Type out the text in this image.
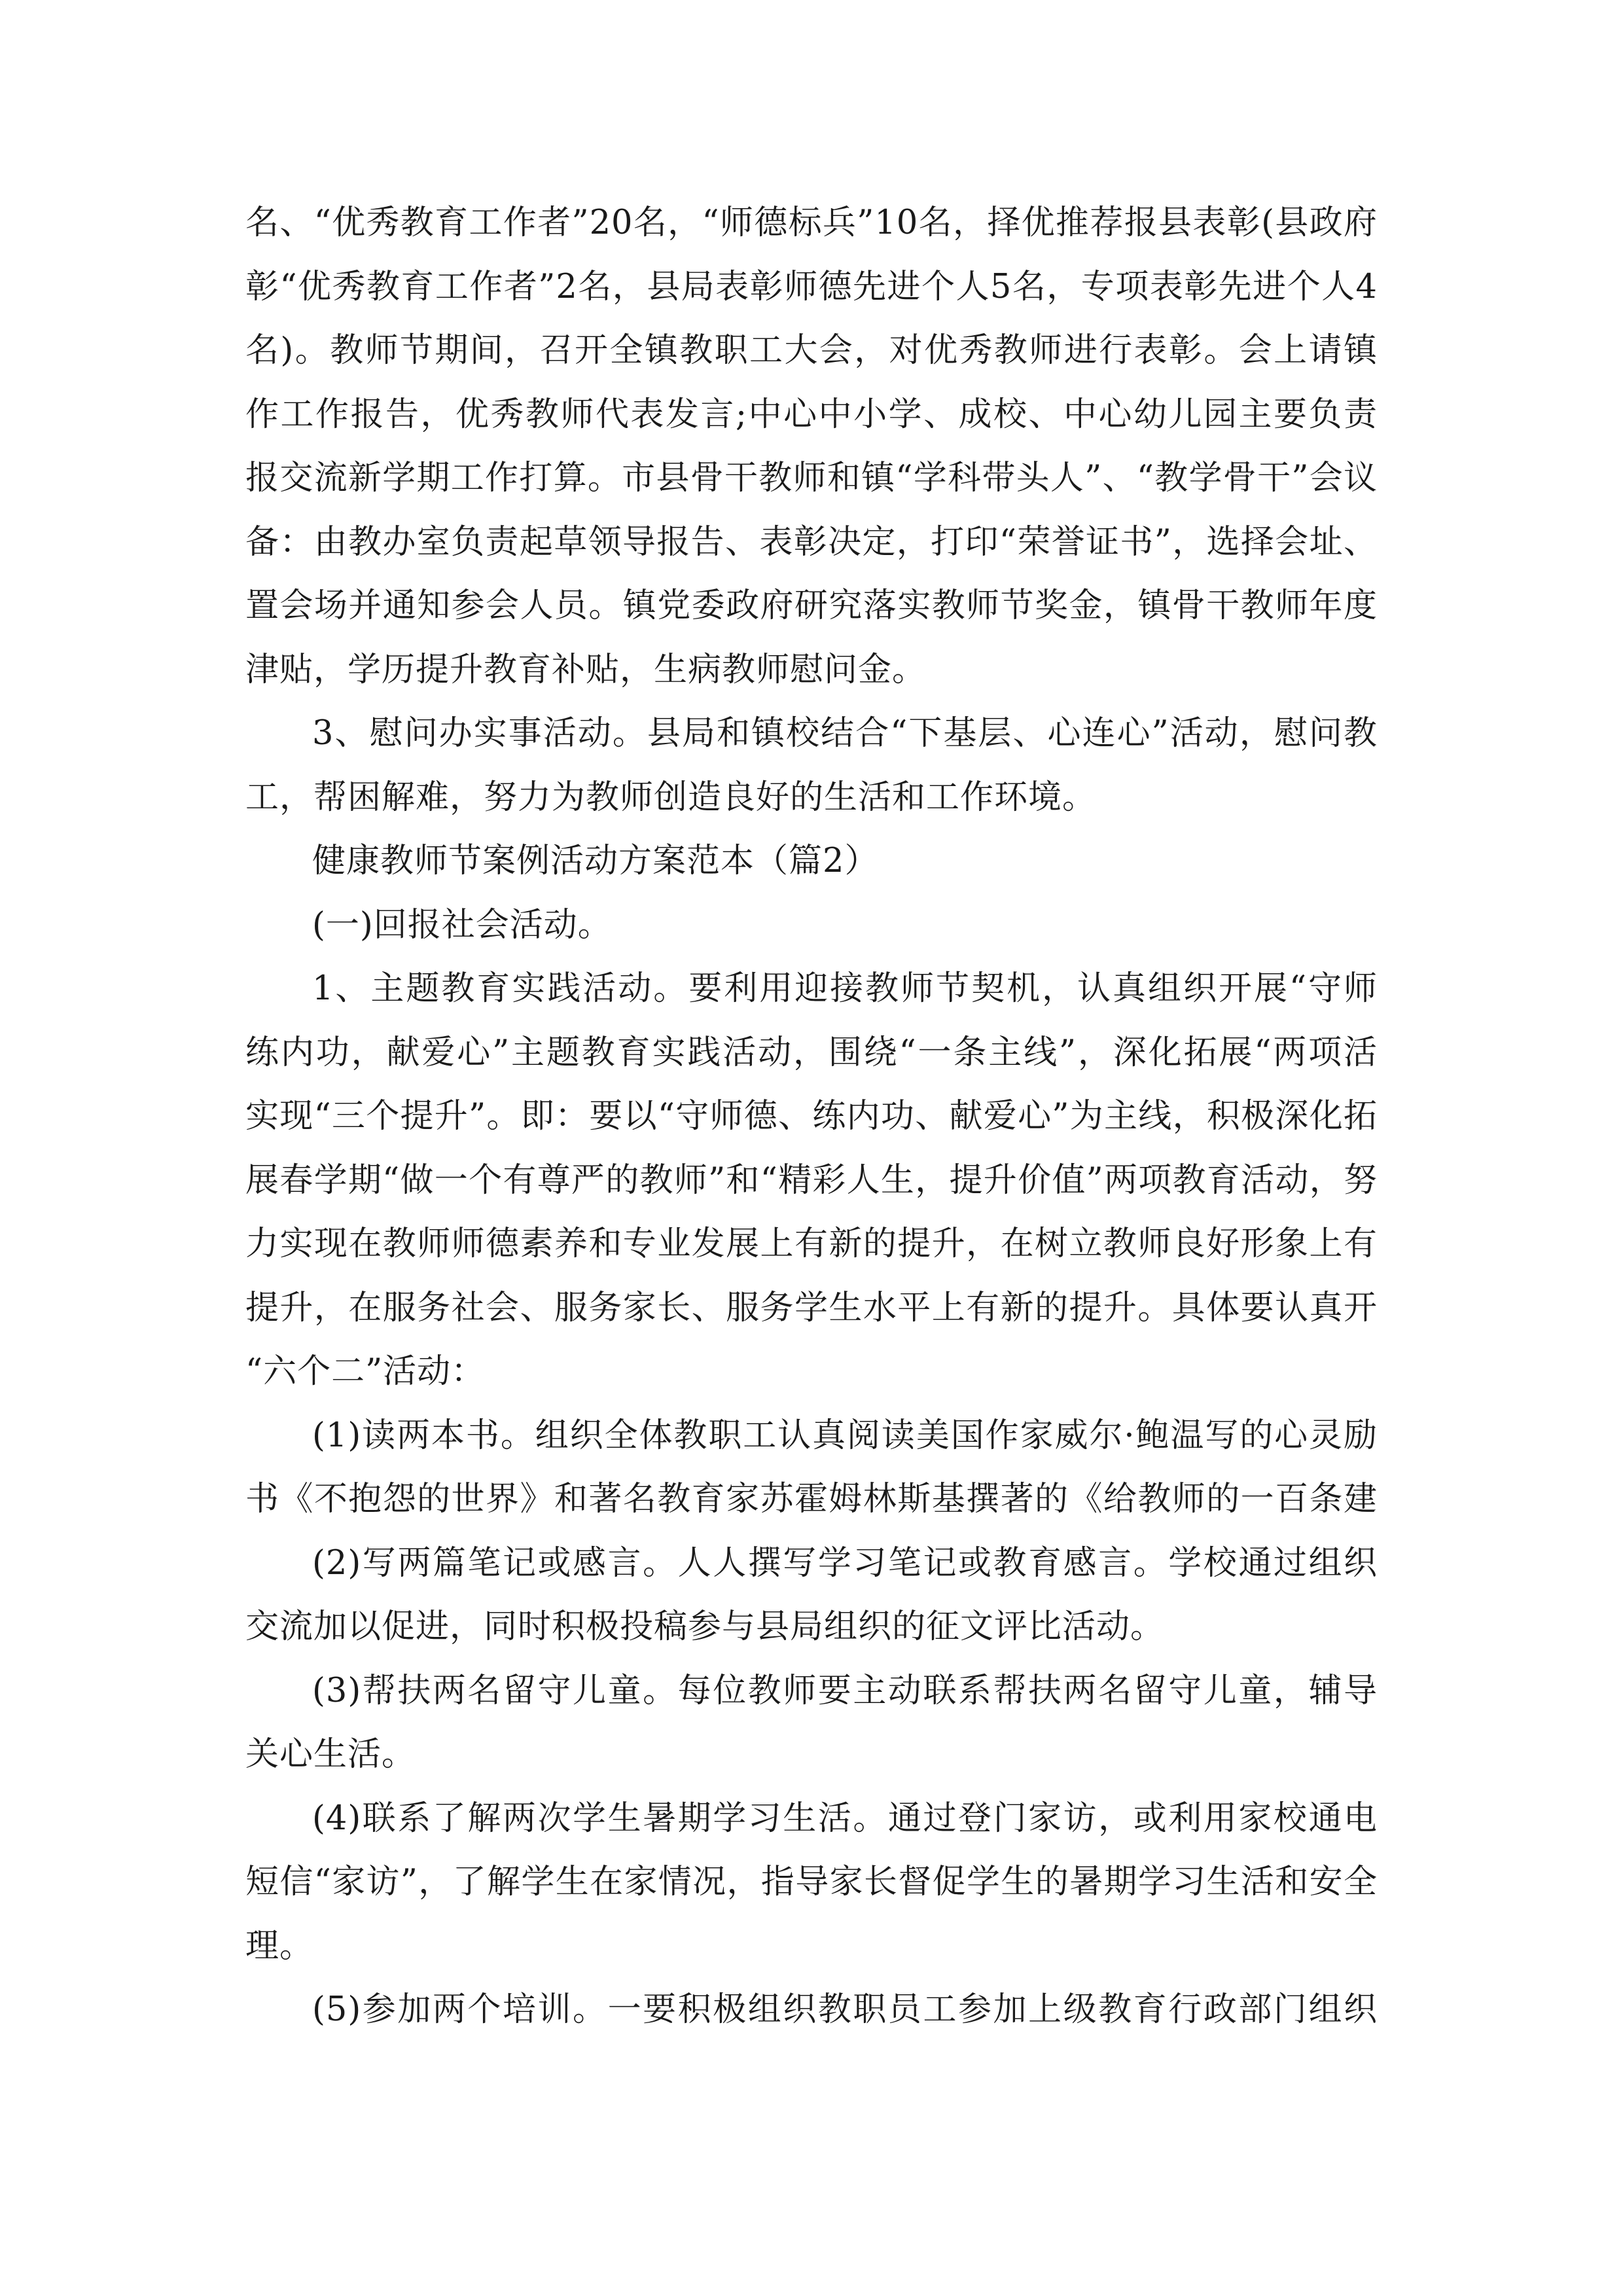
名、“优秀教育工作者”20名，“师德标兵”10名，择优推荐报县表彰(县政府
彰“优秀教育工作者”2名，县局表彰师德先进个人5名，专项表彰先进个人4
名)。教师节期间，召开全镇教职工大会，对优秀教师进行表彰。会上请镇
作工作报告，优秀教师代表发言;中心中小学、成校、中心幼儿园主要负责
报交流新学期工作打算。市县骨干教师和镇“学科带头人”、“教学骨干”会议
备：由教办室负责起草领导报告、表彰决定，打印“荣誉证书”，选择会址、
置会场并通知参会人员。镇党委政府研究落实教师节奖金，镇骨干教师年度
津贴，学历提升教育补贴，生病教师慰问金。
3、慰问办实事活动。县局和镇校结合“下基层、心连心”活动，慰问教
工，帮困解难，努力为教师创造良好的生活和工作环境。
健康教师节案例活动方案范本（篇2）
(一)回报社会活动。
1、主题教育实践活动。要利用迎接教师节契机，认真组织开展“守师
练内功，献爱心”主题教育实践活动，围绕“一条主线”，深化拓展“两项活
实现“三个提升”。即：要以“守师德、练内功、献爱心”为主线，积极深化拓
展春学期“做一个有尊严的教师”和“精彩人生，提升价值”两项教育活动，努
力实现在教师师德素养和专业发展上有新的提升，在树立教师良好形象上有
提升，在服务社会、服务家长、服务学生水平上有新的提升。具体要认真开
“六个二”活动：
(1)读两本书。组织全体教职工认真阅读美国作家威尔·鲍温写的心灵励
书《不抱怨的世界》和著名教育家苏霍姆林斯基撰著的《给教师的一百条建
(2)写两篇笔记或感言。人人撰写学习笔记或教育感言。学校通过组织
交流加以促进，同时积极投稿参与县局组织的征文评比活动。
(3)帮扶两名留守儿童。每位教师要主动联系帮扶两名留守儿童，辅导
关心生活。
(4)联系了解两次学生暑期学习生活。通过登门家访，或利用家校通电
短信“家访”，了解学生在家情况，指导家长督促学生的暑期学习生活和安全
理。
(5)参加两个培训。一要积极组织教职员工参加上级教育行政部门组织
